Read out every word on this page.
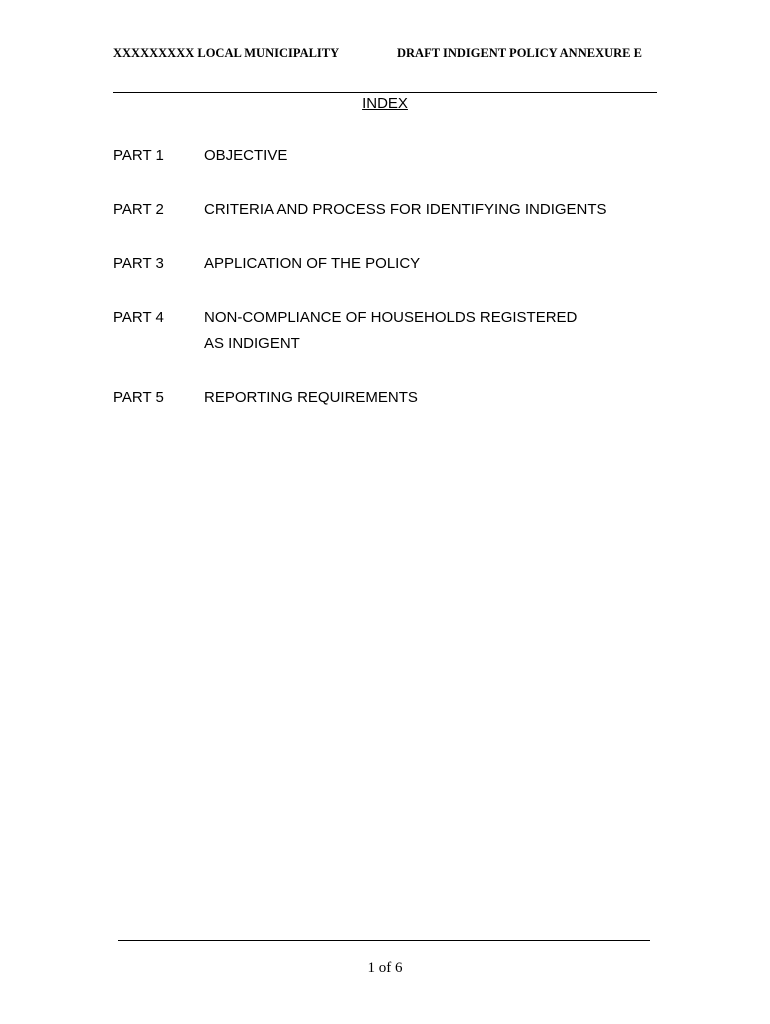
XXXXXXXXX LOCAL MUNICIPALITY	DRAFT INDIGENT POLICY ANNEXURE E
INDEX
PART 1	OBJECTIVE
PART 2	CRITERIA AND PROCESS FOR IDENTIFYING INDIGENTS
PART 3	APPLICATION OF THE POLICY
PART 4	NON-COMPLIANCE OF HOUSEHOLDS REGISTERED
AS INDIGENT
PART 5	REPORTING REQUIREMENTS
1 of 6
